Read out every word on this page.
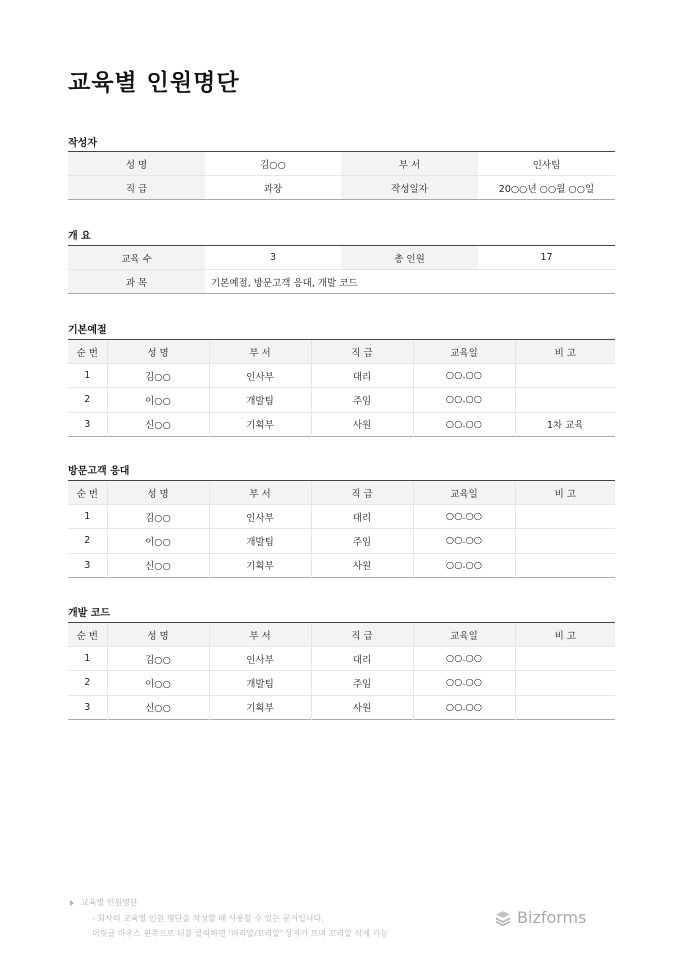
교육별 인원명단
작성자
성 명	김○○	부 서	인사팀
직 급	과장	작성일자	20○○년 ○○월 ○○일
개 요
교육 수	3	총 인원	17
과 목	기본예절, 방문고객 응대, 개발 코드		
기본예절
순 번	성 명	부 서	직 급	교육일	비 고
1	김○○	인사부	대리	○○.○○	
2	이○○	개발팀	주임	○○.○○	
3	신○○	기획부	사원	○○.○○	1차 교육
방문고객 응대
순 번	성 명	부 서	직 급	교육일	비 고
1	김○○	인사부	대리	○○.○○	
2	이○○	개발팀	주임	○○.○○	
3	신○○	기획부	사원	○○.○○	
개발 코드
순 번	성 명	부 서	직 급	교육일	비 고
1	김○○	인사부	대리	○○.○○	
2	이○○	개발팀	주임	○○.○○	
3	신○○	기획부	사원	○○.○○	
교육별 인원명단
- 회사의 교육별 인원 명단을 작성할 때 사용할 수 있는 문서입니다.
머릿글 마우스 왼쪽으로 더블 클릭하면 ‘머리말/꼬리말’ 상자가 뜨며 꼬리말 삭제 가능
Bizforms
